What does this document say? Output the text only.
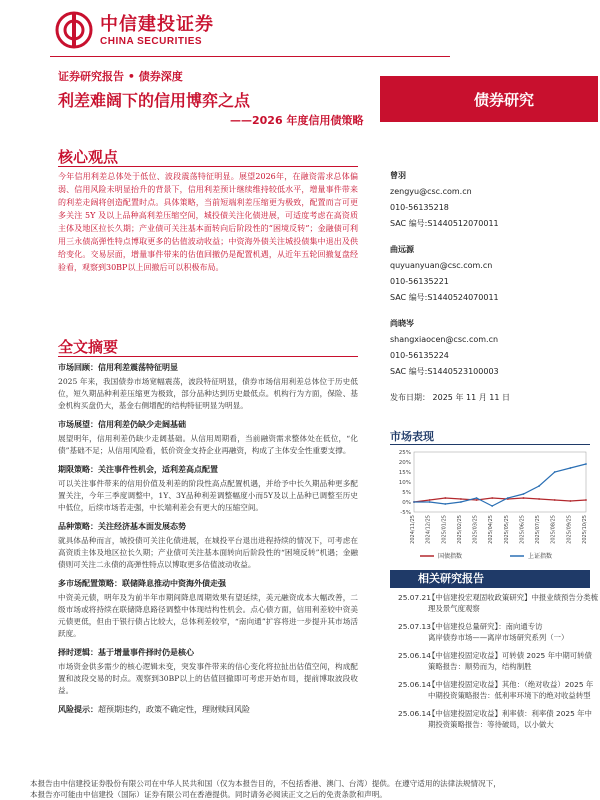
中信建投证券
CHINA SECURITIES
证券研究报告 • 债券深度
利差难阔下的信用博弈之点
——2026 年度信用债策略
债券研究
核心观点
今年信用利差总体处于低位、波段震荡特征明显。展望2026年，在融资需求总体偏弱、信用风险未明显抬升的背景下，信用利差预计继续维持较低水平，增量事件带来的利差走阔将创造配置时点。具体策略，当前短端利差压缩更为极致，配置而言可更多关注 5Y 及以上品种高利差压缩空间，城投债关注化债进展，可适度考虑在高资质主体及地区拉长久期；产业债可关注基本面转向后阶段性的“困境反转”；金融债可利用三永债高弹性特点博取更多的估值波动收益；中资海外债关注城投债集中退出及供给变化。交易层面，增量事件带来的估值回撤仍是配置机遇，从近年五轮回撤复盘经验看，观察到30BP以上回撤后可以积极布局。
曾羽
zengyu@csc.com.cn
010-56135218
SAC 编号:S1440512070011
曲远源
quyuanyuan@csc.com.cn
010-56135221
SAC 编号:S1440524070011
尚晓岑
shangxiaocen@csc.com.cn
010-56135224
SAC 编号:S1440523100003
发布日期： 2025 年 11 月 11 日
全文摘要
市场回顾：信用利差震荡特征明显
2025 年来，我国债券市场宽幅震荡，波段特征明显，债券市场信用利差总体位于历史低位，短久期品种利差压缩更为极致，部分品种达到历史最低点。机构行为方面，保险、基金机构买盘仍大，基金右侧增配的结构特征明显为明显。
市场展望：信用利差仍缺少走阔基础
展望明年，信用利差仍缺少走阔基础。从信用周期看，当前融资需求整体处在低位，“化债”基础不足；从信用风险看，低价资金支持企业再融资，构成了主体安全性重要支撑。
期限策略：关注事件性机会，适利差高点配置
可以关注事件带来的信用价值及利差的阶段性高点配置机遇，并给予中长久期品种更多配置关注，今年三季度调整中，1Y、3Y品种利差调整幅度小而5Y及以上品种已调整至历史中低位，后续市场若走强，中长端利差会有更大的压缩空间。
品种策略：关注经济基本面发展态势
就具体品种而言，城投债可关注化债进展，在城投平台退出进程持续的情况下，可考虑在高资质主体及地区拉长久期；产业债可关注基本面转向后阶段性的“困境反转”机遇；金融债则可关注二永债的高弹性特点以博取更多估值波动收益。
多市场配置策略：联储降息推动中资海外债走强
中资美元债，明年及为前半年市期间降息周期效果有望延续，美元融资成本大幅改善，二级市场或将持续在联储降息路径调整中体现结构性机会。点心债方面，信用利差较中资美元债更低，但由于银行债占比较大，总体利差较窄，“南向通”扩容将进一步提升其市场活跃度。
择时逻辑：基于增量事件择时仍是核心
市场资金供多需少的核心逻辑未变，突发事件带来的信心变化将拉扯出估值空间，构成配置和波段交易的时点。观察到30BP以上的估值回撤即可考虑开始布局，提前博取波段收益。
风险提示：超预期违约，政策不确定性，理财赎回风险
市场表现
25%
20%
15%
10%
5%
0%
-5%
2024/11/25 2024/12/25 2025/01/25 2025/02/25 2025/03/25 2025/04/25 2025/05/25 2025/06/25 2025/07/25 2025/08/25 2025/09/25 2025/10/25
国债指数	上证指数
相关研究报告
25.07.21
【中信建投宏观固收政策研究】中报业绩预告分类梳理及景气度观察
25.07.13
【中信建投总量研究】：南向通专访
离岸债券市场——离岸市场研究系列（一）
25.06.14
【中信建投固定收益】可转债 2025 年中期可转债策略报告：顺势而为，结构制胜
25.06.14
【中信建投固定收益】其他：（绝对收益）2025 年中期投资策略报告：低利率环境下的绝对收益转型
25.06.14
【中信建投固定收益】利率债：利率债 2025 年中期投资策略报告：等待破局，以小做大
本报告由中信建投证券股份有限公司在中华人民共和国（仅为本报告目的，不包括香港、澳门、台湾）提供。在遵守适用的法律法规情况下，
本报告亦可能由中信建投（国际）证券有限公司在香港提供。同时请务必阅读正文之后的免责条款和声明。
